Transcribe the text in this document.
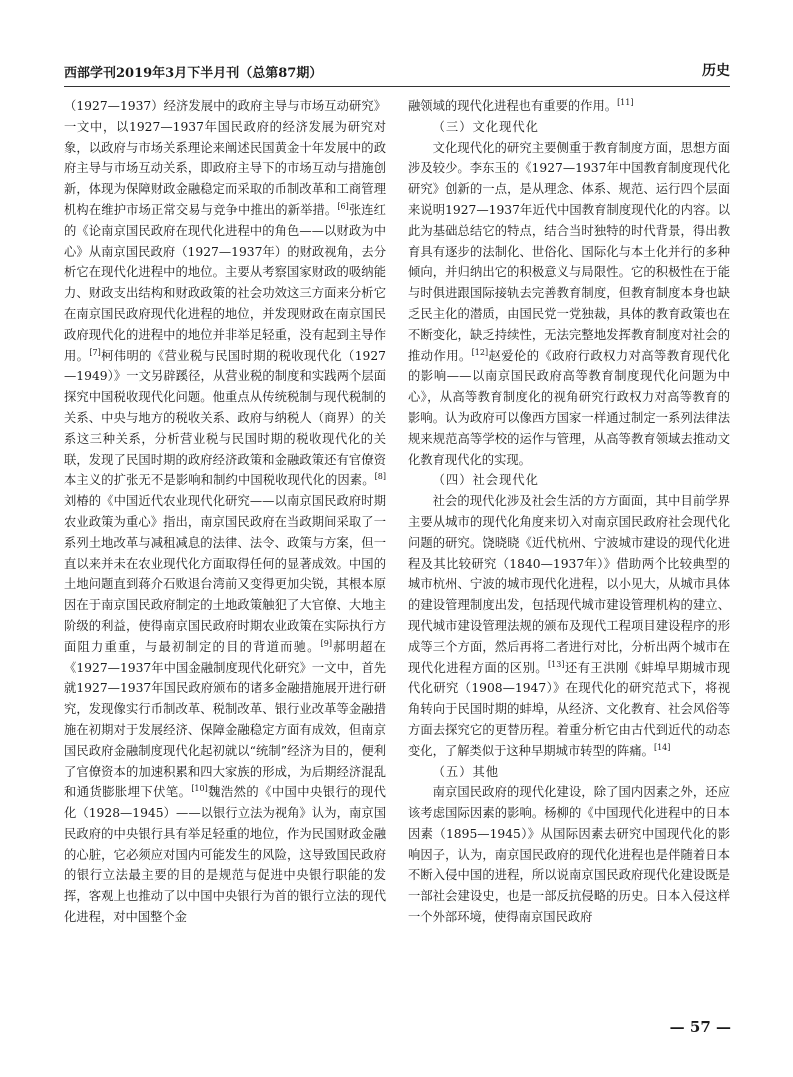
西部学刊2019年3月下半月刊（总第87期）	历史

（1927—1937）经济发展中的政府主导与市场互动研究》一文中，以1927—1937年国民政府的经济发展为研究对象，以政府与市场关系理论来阐述民国黄金十年发展中的政府主导与市场互动关系，即政府主导下的市场互动与措施创新，体现为保障财政金融稳定而采取的币制改革和工商管理机构在维护市场正常交易与竞争中推出的新举措。[6]张连红的《论南京国民政府在现代化进程中的角色——以财政为中心》从南京国民政府（1927—1937年）的财政视角，去分析它在现代化进程中的地位。主要从考察国家财政的吸纳能力、财政支出结构和财政政策的社会功效这三方面来分析它在南京国民政府现代化进程的地位，并发现财政在南京国民政府现代化的进程中的地位并非举足轻重，没有起到主导作用。[7]柯伟明的《营业税与民国时期的税收现代化（1927—1949）》一文另辟蹊径，从营业税的制度和实践两个层面探究中国税收现代化问题。他重点从传统税制与现代税制的关系、中央与地方的税收关系、政府与纳税人（商界）的关系这三种关系，分析营业税与民国时期的税收现代化的关联，发现了民国时期的政府经济政策和金融政策还有官僚资本主义的扩张无不是影响和制约中国税收现代化的因素。[8]刘椿的《中国近代农业现代化研究——以南京国民政府时期农业政策为重心》指出，南京国民政府在当政期间采取了一系列土地改革与减租减息的法律、法令、政策与方案，但一直以来并未在农业现代化方面取得任何的显著成效。中国的土地问题直到蒋介石败退台湾前又变得更加尖锐，其根本原因在于南京国民政府制定的土地政策触犯了大官僚、大地主阶级的利益，使得南京国民政府时期农业政策在实际执行方面阻力重重，与最初制定的目的背道而驰。[9]郝明超在《1927—1937年中国金融制度现代化研究》一文中，首先就1927—1937年国民政府颁布的诸多金融措施展开进行研究，发现像实行币制改革、税制改革、银行业改革等金融措施在初期对于发展经济、保障金融稳定方面有成效，但南京国民政府金融制度现代化起初就以“统制”经济为目的，便利了官僚资本的加速积累和四大家族的形成，为后期经济混乱和通货膨胀埋下伏笔。[10]魏浩然的《中国中央银行的现代化（1928—1945）——以银行立法为视角》认为，南京国民政府的中央银行具有举足轻重的地位，作为民国财政金融的心脏，它必须应对国内可能发生的风险，这导致国民政府的银行立法最主要的目的是规范与促进中央银行职能的发挥，客观上也推动了以中国中央银行为首的银行立法的现代化进程，对中国整个金

融领域的现代化进程也有重要的作用。[11]

（三）文化现代化

文化现代化的研究主要侧重于教育制度方面，思想方面涉及较少。李东玉的《1927—1937年中国教育制度现代化研究》创新的一点，是从理念、体系、规范、运行四个层面来说明1927—1937年近代中国教育制度现代化的内容。以此为基础总结它的特点，结合当时独特的时代背景，得出教育具有逐步的法制化、世俗化、国际化与本土化并行的多种倾向，并归纳出它的积极意义与局限性。它的积极性在于能与时俱进跟国际接轨去完善教育制度，但教育制度本身也缺乏民主化的潜质，由国民党一党独裁，具体的教育政策也在不断变化，缺乏持续性，无法完整地发挥教育制度对社会的推动作用。[12]赵爱伦的《政府行政权力对高等教育现代化的影响——以南京国民政府高等教育制度现代化问题为中心》，从高等教育制度化的视角研究行政权力对高等教育的影响。认为政府可以像西方国家一样通过制定一系列法律法规来规范高等学校的运作与管理，从高等教育领域去推动文化教育现代化的实现。

（四）社会现代化

社会的现代化涉及社会生活的方方面面，其中目前学界主要从城市的现代化角度来切入对南京国民政府社会现代化问题的研究。饶晓晓《近代杭州、宁波城市建设的现代化进程及其比较研究（1840—1937年）》借助两个比较典型的城市杭州、宁波的城市现代化进程，以小见大，从城市具体的建设管理制度出发，包括现代城市建设管理机构的建立、现代城市建设管理法规的颁布及现代工程项目建设程序的形成等三个方面，然后再将二者进行对比，分析出两个城市在现代化进程方面的区别。[13]还有王洪刚《蚌埠早期城市现代化研究（1908—1947）》在现代化的研究范式下，将视角转向于民国时期的蚌埠，从经济、文化教育、社会风俗等方面去探究它的更替历程。着重分析它由古代到近代的动态变化，了解类似于这种早期城市转型的阵痛。[14]

（五）其他

南京国民政府的现代化建设，除了国内因素之外，还应该考虑国际因素的影响。杨柳的《中国现代化进程中的日本因素（1895—1945）》从国际因素去研究中国现代化的影响因子，认为，南京国民政府的现代化进程也是伴随着日本不断入侵中国的进程，所以说南京国民政府现代化建设既是一部社会建设史，也是一部反抗侵略的历史。日本入侵这样一个外部环境，使得南京国民政府

— 57 —
